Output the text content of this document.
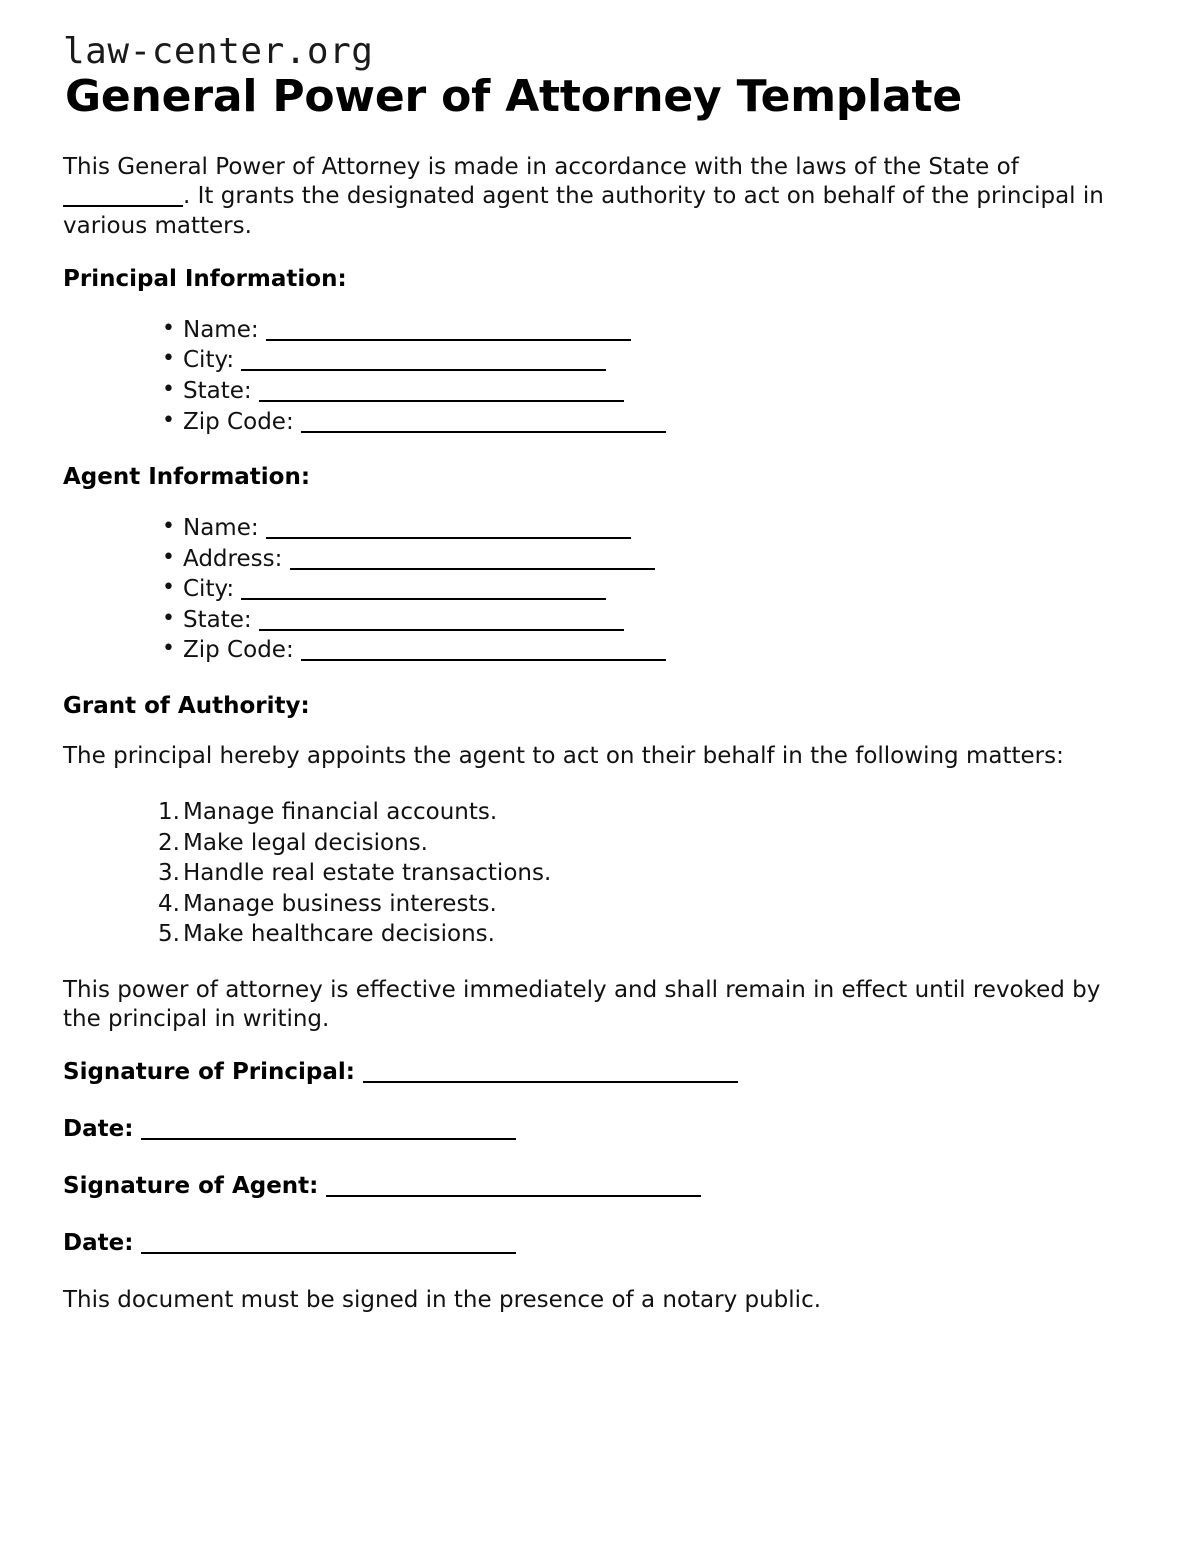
law-center.org
General Power of Attorney Template

This General Power of Attorney is made in accordance with the laws of the State of . It grants the designated agent the authority to act on behalf of the principal in various matters.

Principal Information:
• Name:
• City:
• State:
• Zip Code:
Agent Information:
• Name:
• Address:
• City:
• State:
• Zip Code:
Grant of Authority:

The principal hereby appoints the agent to act on their behalf in the following matters:

Manage financial accounts.
Make legal decisions.
Handle real estate transactions.
Manage business interests.
Make healthcare decisions.

This power of attorney is effective immediately and shall remain in effect until revoked by the principal in writing.

Signature of Principal:
Date:
Signature of Agent:
Date:

This document must be signed in the presence of a notary public.
